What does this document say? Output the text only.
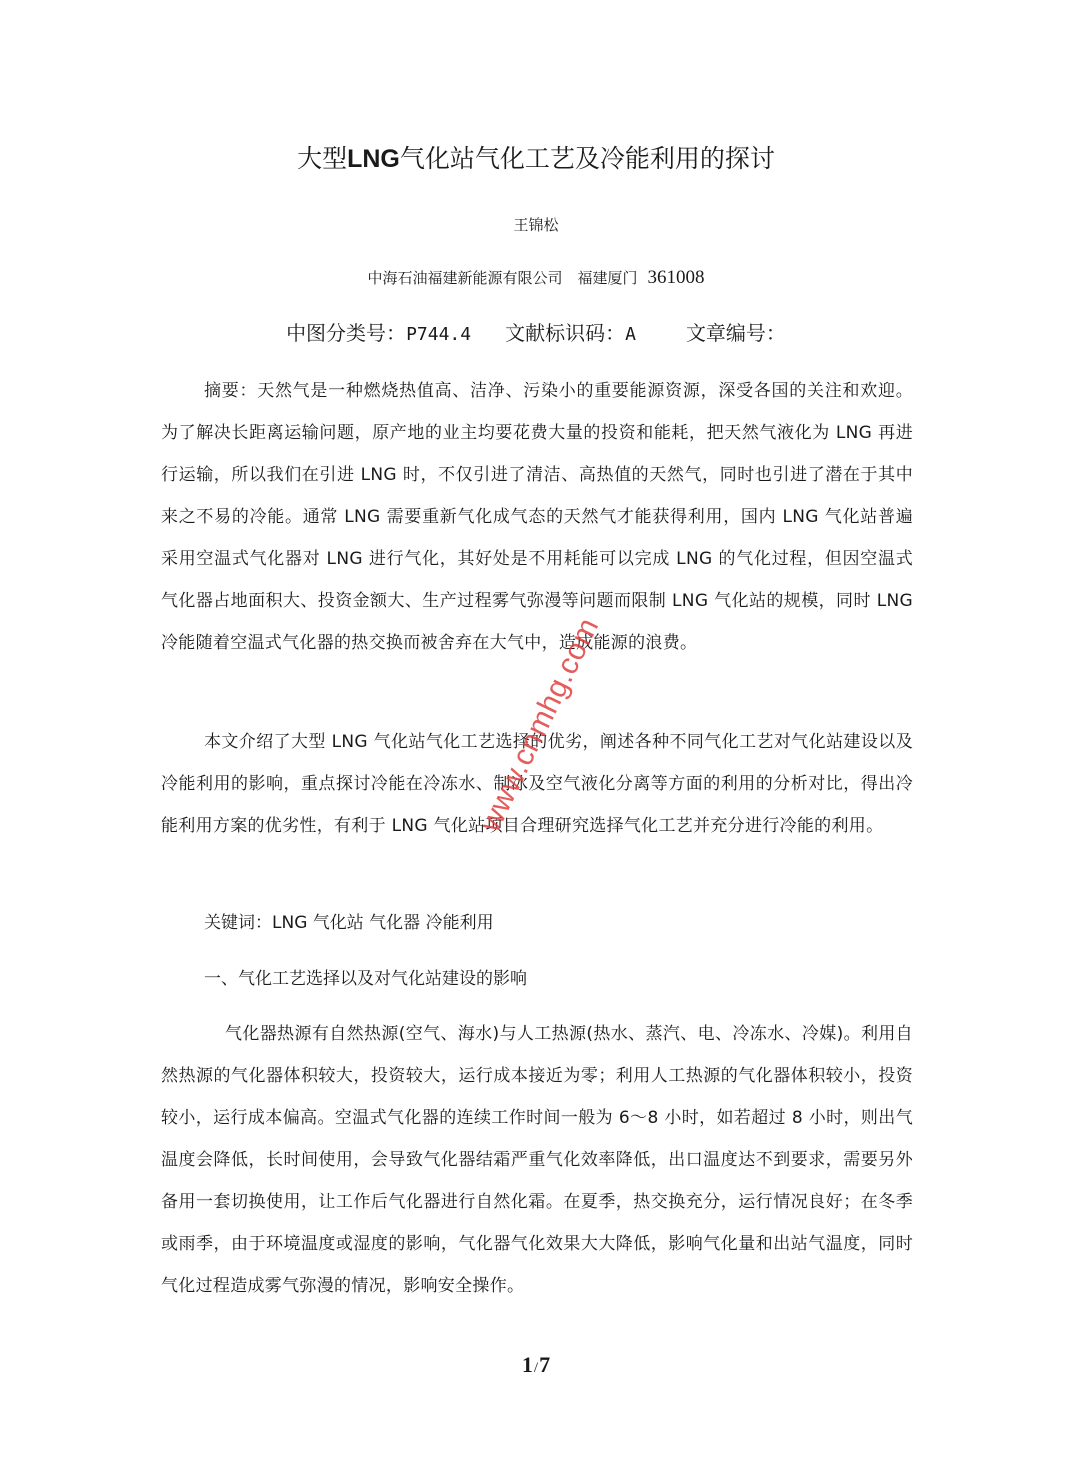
大型LNG气化站气化工艺及冷能利用的探讨
王锦松
中海石油福建新能源有限公司　福建厦门 361008
中图分类号：P744.4 文献标识码：A	文章编号：
摘要：天然气是一种燃烧热值高、洁净、污染小的重要能源资源，深受各国的关注和欢迎。为了解决长距离运输问题，原产地的业主均要花费大量的投资和能耗，把天然气液化为 LNG 再进行运输，所以我们在引进 LNG 时，不仅引进了清洁、高热值的天然气，同时也引进了潜在于其中来之不易的冷能。通常 LNG 需要重新气化成气态的天然气才能获得利用，国内 LNG 气化站普遍采用空温式气化器对 LNG 进行气化，其好处是不用耗能可以完成 LNG 的气化过程，但因空温式气化器占地面积大、投资金额大、生产过程雾气弥漫等问题而限制 LNG 气化站的规模，同时 LNG 冷能随着空温式气化器的热交换而被舍弃在大气中，造成能源的浪费。
本文介绍了大型 LNG 气化站气化工艺选择的优劣，阐述各种不同气化工艺对气化站建设以及冷能利用的影响，重点探讨冷能在冷冻水、制冰及空气液化分离等方面的利用的分析对比，得出冷能利用方案的优劣性，有利于 LNG 气化站项目合理研究选择气化工艺并充分进行冷能的利用。
关键词：LNG 气化站 气化器 冷能利用
一、气化工艺选择以及对气化站建设的影响
气化器热源有自然热源(空气、海水)与人工热源(热水、蒸汽、电、冷冻水、冷媒)。利用自然热源的气化器体积较大，投资较大，运行成本接近为零；利用人工热源的气化器体积较小，投资较小，运行成本偏高。空温式气化器的连续工作时间一般为 6～8 小时，如若超过 8 小时，则出气温度会降低，长时间使用，会导致气化器结霜严重气化效率降低，出口温度达不到要求，需要另外备用一套切换使用，让工作后气化器进行自然化霜。在夏季，热交换充分，运行情况良好；在冬季或雨季，由于环境温度或湿度的影响，气化器气化效果大大降低，影响气化量和出站气温度，同时气化过程造成雾气弥漫的情况，影响安全操作。
1/7
www.cnmhg.com
